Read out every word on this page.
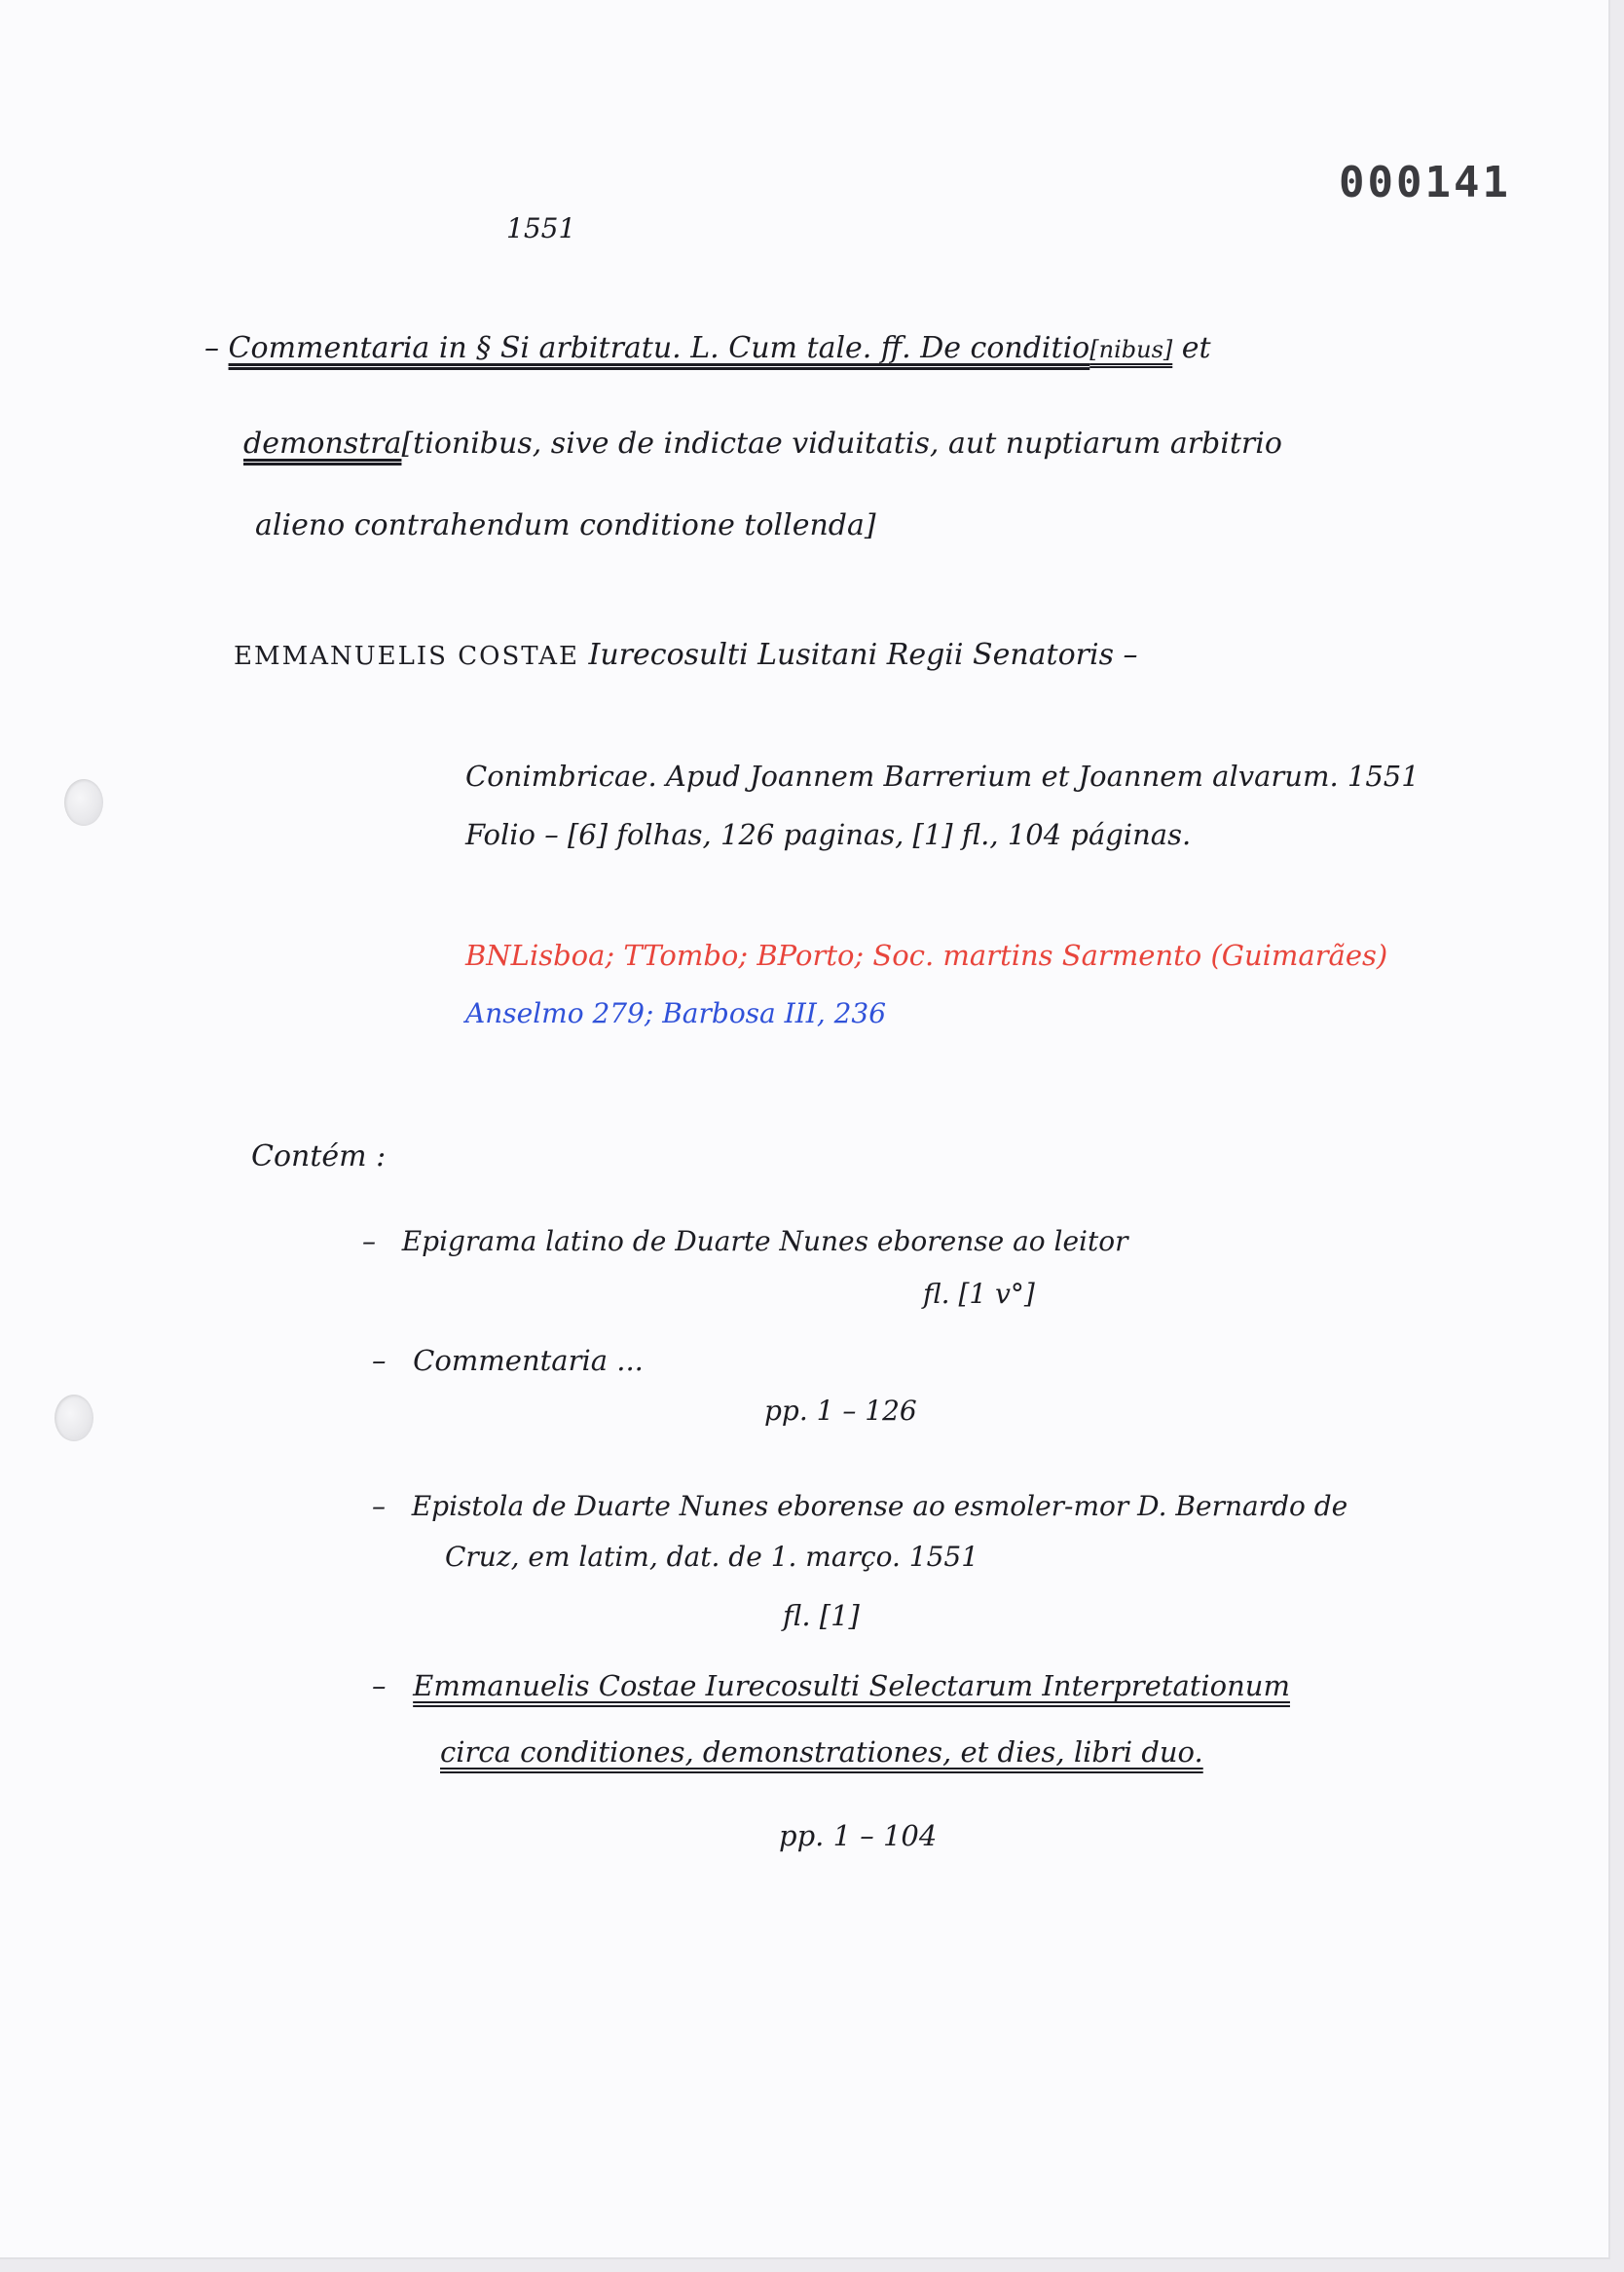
000141
1551
– Commentaria in § Si arbitratu. L. Cum tale. ff. De conditio[nibus] et
demonstra[tionibus, sive de indictae viduitatis, aut nuptiarum arbitrio
alieno contrahendum conditione tollenda]
EMMANUELIS COSTAE Iurecosulti Lusitani Regii Senatoris –
Conimbricae. Apud Joannem Barrerium et Joannem alvarum. 1551
Folio – [6] folhas, 126 paginas, [1] fl., 104 páginas.
BNLisboa; TTombo; BPorto; Soc. martins Sarmento (Guimarães)
Anselmo 279; Barbosa III, 236
Contém :
– Epigrama latino de Duarte Nunes eborense ao leitor
fl. [1 v°]
– Commentaria ...
pp. 1 – 126
– Epistola de Duarte Nunes eborense ao esmoler-mor D. Bernardo de
Cruz, em latim, dat. de 1. março. 1551
fl. [1]
– Emmanuelis Costae Iurecosulti Selectarum Interpretationum
circa conditiones, demonstrationes, et dies, libri duo.
pp. 1 – 104
